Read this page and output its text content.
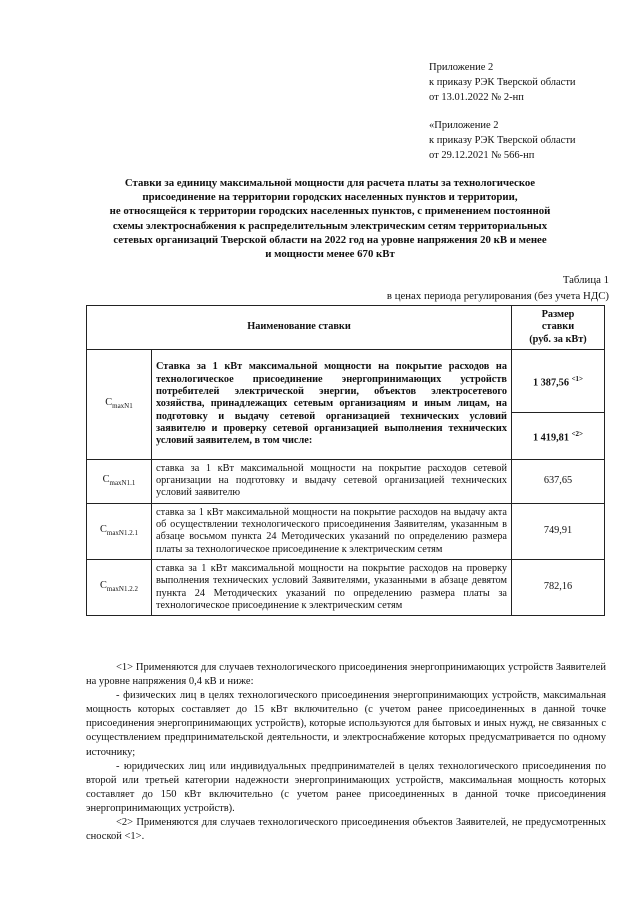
Приложение 2
к приказу РЭК Тверской области
от 13.01.2022 № 2-нп
«Приложение 2
к приказу РЭК Тверской области
от 29.12.2021 № 566-нп
Ставки за единицу максимальной мощности для расчета платы за технологическое
присоединение на территории городских населенных пунктов и территории,
не относящейся к территории городских населенных пунктов, с применением постоянной
схемы электроснабжения к распределительным электрическим сетям территориальных
сетевых организаций Тверской области на 2022 год на уровне напряжения 20 кВ и менее
и мощности менее 670 кВт
Таблица 1
в ценах периода регулирования (без учета НДС)
Наименование ставки		Размер
ставки
(руб. за кВт)

$C_{maxN1}$	Ставка за 1 кВт максимальной мощности на покрытие расходов на технологическое присоединение энергопринимающих устройств потребителей электрической энергии, объектов электросетевого хозяйства, принадлежащих сетевым организациям и иным лицам, на подготовку и выдачу сетевой организацией технических условий заявителю и проверку сетевой организацией выполнения технических условий заявителем, в том числе:	1 387,56 $^{<1>}$
		1 419,81 $^{<2>}$
$C_{maxN1.1}$	ставка за 1 кВт максимальной мощности на покрытие расходов сетевой организации на подготовку и выдачу сетевой организацией технических условий заявителю	637,65
$C_{maxN1.2.1}$	ставка за 1 кВт максимальной мощности на покрытие расходов на выдачу акта об осуществлении технологического присоединения Заявителям, указанным в абзаце восьмом пункта 24 Методических указаний по определению размера платы за технологическое присоединение к электрическим сетям	749,91
$C_{maxN1.2.2}$	ставка за 1 кВт максимальной мощности на покрытие расходов на проверку выполнения технических условий Заявителями, указанными в абзаце девятом пункта 24 Методических указаний по определению размера платы за технологическое присоединение к электрическим сетям	782,16

<1> Применяются для случаев технологического присоединения энергопринимающих устройств Заявителей на уровне напряжения 0,4 кВ и ниже:

- физических лиц в целях технологического присоединения энергопринимающих устройств, максимальная мощность которых составляет до 15 кВт включительно (с учетом ранее присоединенных в данной точке присоединения энергопринимающих устройств), которые используются для бытовых и иных нужд, не связанных с осуществлением предпринимательской деятельности, и электроснабжение которых предусматривается по одному источнику;

- юридических лиц или индивидуальных предпринимателей в целях технологического присоединения по второй или третьей категории надежности энергопринимающих устройств, максимальная мощность которых составляет до 150 кВт включительно (с учетом ранее присоединенных в данной точке присоединения энергопринимающих устройств).

<2> Применяются для случаев технологического присоединения объектов Заявителей, не предусмотренных сноской <1>.
